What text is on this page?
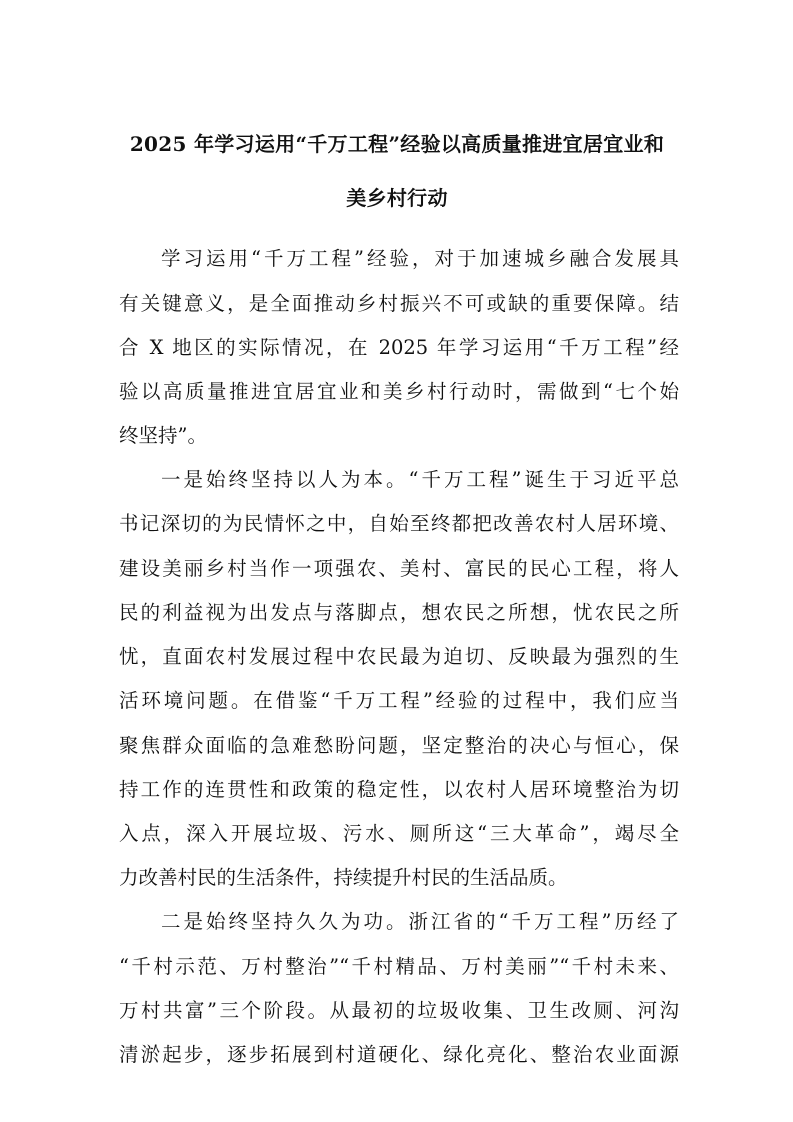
2025 年学习运用“千万工程”经验以高质量推进宜居宜业和
美乡村行动
学习运用“千万工程”经验，对于加速城乡融合发展具
有关键意义，是全面推动乡村振兴不可或缺的重要保障。结
合 X 地区的实际情况，在 2025 年学习运用“千万工程”经
验以高质量推进宜居宜业和美乡村行动时，需做到“七个始
终坚持”。
一是始终坚持以人为本。“千万工程”诞生于习近平总
书记深切的为民情怀之中，自始至终都把改善农村人居环境、
建设美丽乡村当作一项强农、美村、富民的民心工程，将人
民的利益视为出发点与落脚点，想农民之所想，忧农民之所
忧，直面农村发展过程中农民最为迫切、反映最为强烈的生
活环境问题。在借鉴“千万工程”经验的过程中，我们应当
聚焦群众面临的急难愁盼问题，坚定整治的决心与恒心，保
持工作的连贯性和政策的稳定性，以农村人居环境整治为切
入点，深入开展垃圾、污水、厕所这“三大革命”，竭尽全
力改善村民的生活条件，持续提升村民的生活品质。
二是始终坚持久久为功。浙江省的“千万工程”历经了
“千村示范、万村整治”“千村精品、万村美丽”“千村未来、
万村共富”三个阶段。从最初的垃圾收集、卫生改厕、河沟
清淤起步，逐步拓展到村道硬化、绿化亮化、整治农业面源
